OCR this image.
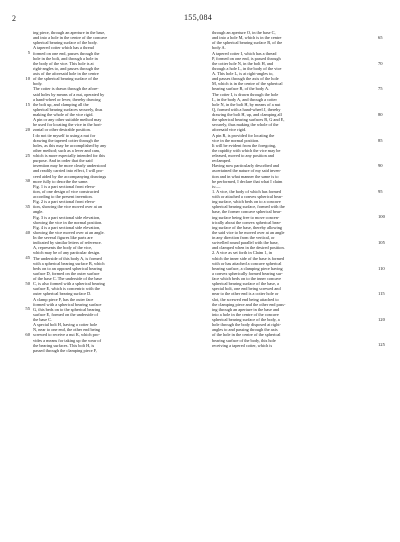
2	155,084
5
10
15
20
25
30
35
40
45
50
55
60
65
70
75
80
85
90
95
100
105
110
115
120
125

ing piece, through an aperture in the base,

and into a hole in the centre of the concave

spherical bearing surface of the body.

A tapered cotter which has a thread

formed on one end, passes through the

hole in the bolt, and through a hole in

the body of the vice. This hole is at

right-angles to, and passes through the

axis of the aforesaid hole in the centre

of the spherical bearing surface of the

body.

The cotter is drawn through the afore-

said holes by means of a nut, operated by

a hand-wheel or lever, thereby drawing

the bolt up, and clamping all the

spherical bearing surfaces securely, thus

making the whole of the vice rigid.

A pin or any other suitable method may

be used for locating the vice in the hori-

zontal or other desirable position.

I do not tie myself to using a nut for

drawing the tapered cotter through the

holes, as this may be accomplished by any

other method; such as a lever and cam,

which is more especially intended for this

purpose. And in order that the said

invention may be more clearly understood

and readily carried into effect, I will pro-

ceed aided by the accompanying drawings

more fully to describe the same.

Fig. 1 is a part sectional front eleva-

tion, of one design of vice constructed

according to the present invention.

Fig. 2 is a part sectional front eleva-

tion, showing the vice moved over at an

angle.

Fig. 3 is a part sectional side elevation,

showing the vice in the normal position.

Fig. 4 is a part sectional side elevation,

showing the vice moved over at an angle.

In the several figures like parts are

indicated by similar letters of reference.

A, represents the body of the vice,

which may be of any particular design.

The underside of this body A, is formed

with a spherical bearing surface B, which

beds on to an opposed spherical bearing

surface D, formed on the outer surface

of the base C. The underside of the base

C, is also formed with a spherical bearing

surface E, which is concentric with the

outer spherical bearing surface D.

A clamp piece F, has the outer face

formed with a spherical bearing surface

G, this beds on to the spherical bearing

surface E, formed on the underside of

the base C.

A special bolt H, having a cotter hole

N, near to one end, the other end being

screwed to receive a nut K, which pro-

vides a means for taking up the wear of

the bearing surfaces. This bolt H, is

passed through the clamping piece F,

through an aperture O, in the base C,

and into a hole M, which is in the centre

of the spherical bearing surface B, of the

body A.

A tapered cotter I, which has a thread

P, formed on one end, is passed through

the cotter hole N, in the bolt H, and

through a hole L, in the body of the vice

A. This hole L, is at right-angles to,

and passes through the axis of the hole

M, which is in the centre of the spherical

bearing surface B, of the body A.

The cotter I, is drawn through the hole

L, in the body A, and through a cotter

hole N, in the bolt H, by means of a nut

Q, formed with a hand-wheel J, thereby

drawing the bolt H, up, and clamping all

the spherical bearing surfaces B, G and E,

securely, thus making the whole of the

aforesaid vice rigid.

A pin R, is provided for locating the

vice in the normal position.

It will be evident from the foregoing,

the rapidity with which the vice may be

released, moved to any position and

reclamped.

Having now particularly described and

ascertained the nature of my said inven-

tion and in what manner the same is to

be performed, I declare that what I claim

is:—

1. A vice, the body of which has formed

with or attached a convex spherical bear-

ing surface, which beds on to a concave

spherical bearing surface, formed with the

base, the former concave spherical bear-

ing surface being free to move concen-

trically about the convex spherical bear-

ing surface of the base, thereby allowing

the said vice to be moved over at an angle

in any direction from the vertical, or

swivelled round parallel with the base,

and clamped when in the desired position.

2. A vice as set forth in Claim 1, in

which the inner side of the base is formed

with or has attached a concave spherical

bearing surface, a clamping piece having

a convex spherically formed bearing sur-

face which beds on to the inner concave

spherical bearing surface of the base, a

special bolt, one end being screwed and

near to the other end is a cotter hole or

slot, the screwed end being attached to

the clamping piece and the other end pass-

ing through an aperture in the base and

into a hole in the centre of the concave

spherical bearing surface of the body, a

hole through the body disposed at right-

angles to and passing through the axis

of the hole in the centre of the spherical

bearing surface of the body, this hole

receiving a tapered cotter, which is
